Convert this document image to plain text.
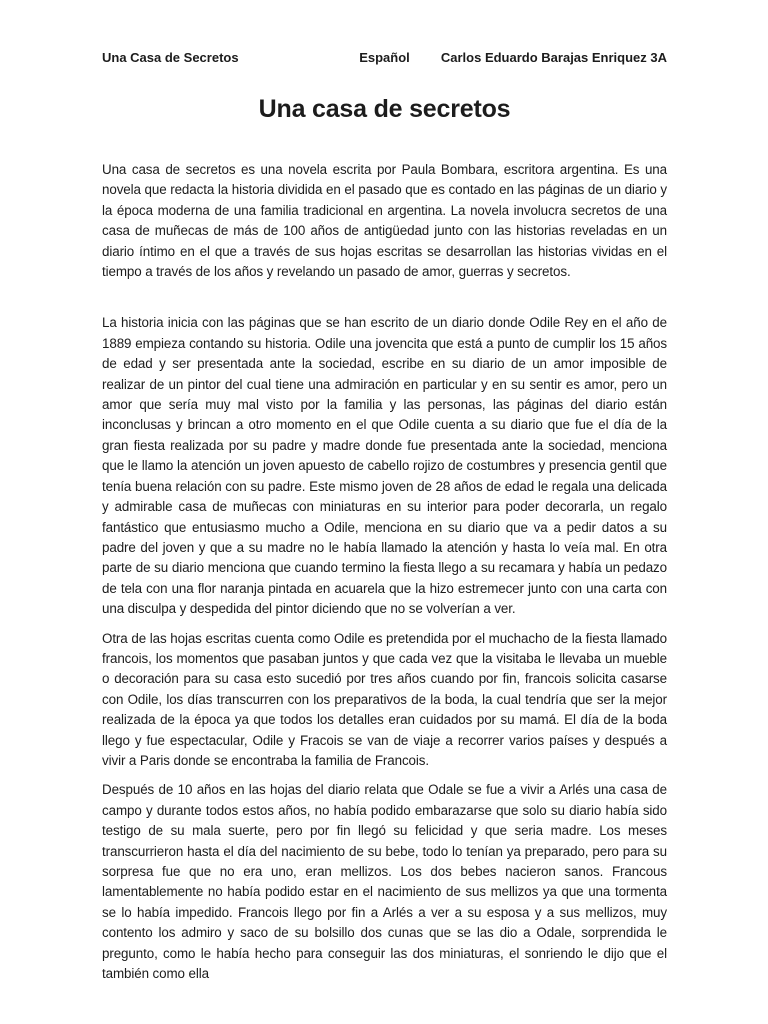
Una Casa de Secretos	Español Carlos Eduardo Barajas Enriquez 3A
Una casa de secretos

Una casa de secretos es una novela escrita por Paula Bombara, escritora argentina. Es una novela que redacta la historia dividida en el pasado que es contado en las páginas de un diario y la época moderna de una familia tradicional en argentina. La novela involucra secretos de una casa de muñecas de más de 100 años de antigüedad junto con las historias reveladas en un diario íntimo en el que a través de sus hojas escritas se desarrollan las historias vividas en el tiempo a través de los años y revelando un pasado de amor, guerras y secretos.

La historia inicia con las páginas que se han escrito de un diario donde Odile Rey en el año de 1889 empieza contando su historia. Odile una jovencita que está a punto de cumplir los 15 años de edad y ser presentada ante la sociedad, escribe en su diario de un amor imposible de realizar de un pintor del cual tiene una admiración en particular y en su sentir es amor, pero un amor que sería muy mal visto por la familia y las personas, las páginas del diario están inconclusas y brincan a otro momento en el que Odile cuenta a su diario que fue el día de la gran fiesta realizada por su padre y madre donde fue presentada ante la sociedad, menciona que le llamo la atención un joven apuesto de cabello rojizo de costumbres y presencia gentil que tenía buena relación con su padre. Este mismo joven de 28 años de edad le regala una delicada y admirable casa de muñecas con miniaturas en su interior para poder decorarla, un regalo fantástico que entusiasmo mucho a Odile, menciona en su diario que va a pedir datos a su padre del joven y que a su madre no le había llamado la atención y hasta lo veía mal. En otra parte de su diario menciona que cuando termino la fiesta llego a su recamara y había un pedazo de tela con una flor naranja pintada en acuarela que la hizo estremecer junto con una carta con una disculpa y despedida del pintor diciendo que no se volverían a ver.

Otra de las hojas escritas cuenta como Odile es pretendida por el muchacho de la fiesta llamado francois, los momentos que pasaban juntos y que cada vez que la visitaba le llevaba un mueble o decoración para su casa esto sucedió por tres años cuando por fin, francois solicita casarse con Odile, los días transcurren con los preparativos de la boda, la cual tendría que ser la mejor realizada de la época ya que todos los detalles eran cuidados por su mamá. El día de la boda llego y fue espectacular, Odile y Fracois se van de viaje a recorrer varios países y después a vivir a Paris donde se encontraba la familia de Francois.

Después de 10 años en las hojas del diario relata que Odale se fue a vivir a Arlés una casa de campo y durante todos estos años, no había podido embarazarse que solo su diario había sido testigo de su mala suerte, pero por fin llegó su felicidad y que seria madre. Los meses transcurrieron hasta el día del nacimiento de su bebe, todo lo tenían ya preparado, pero para su sorpresa fue que no era uno, eran mellizos. Los dos bebes nacieron sanos. Francous lamentablemente no había podido estar en el nacimiento de sus mellizos ya que una tormenta se lo había impedido. Francois llego por fin a Arlés a ver a su esposa y a sus mellizos, muy contento los admiro y saco de su bolsillo dos cunas que se las dio a Odale, sorprendida le pregunto, como le había hecho para conseguir las dos miniaturas, el sonriendo le dijo que el también como ella
